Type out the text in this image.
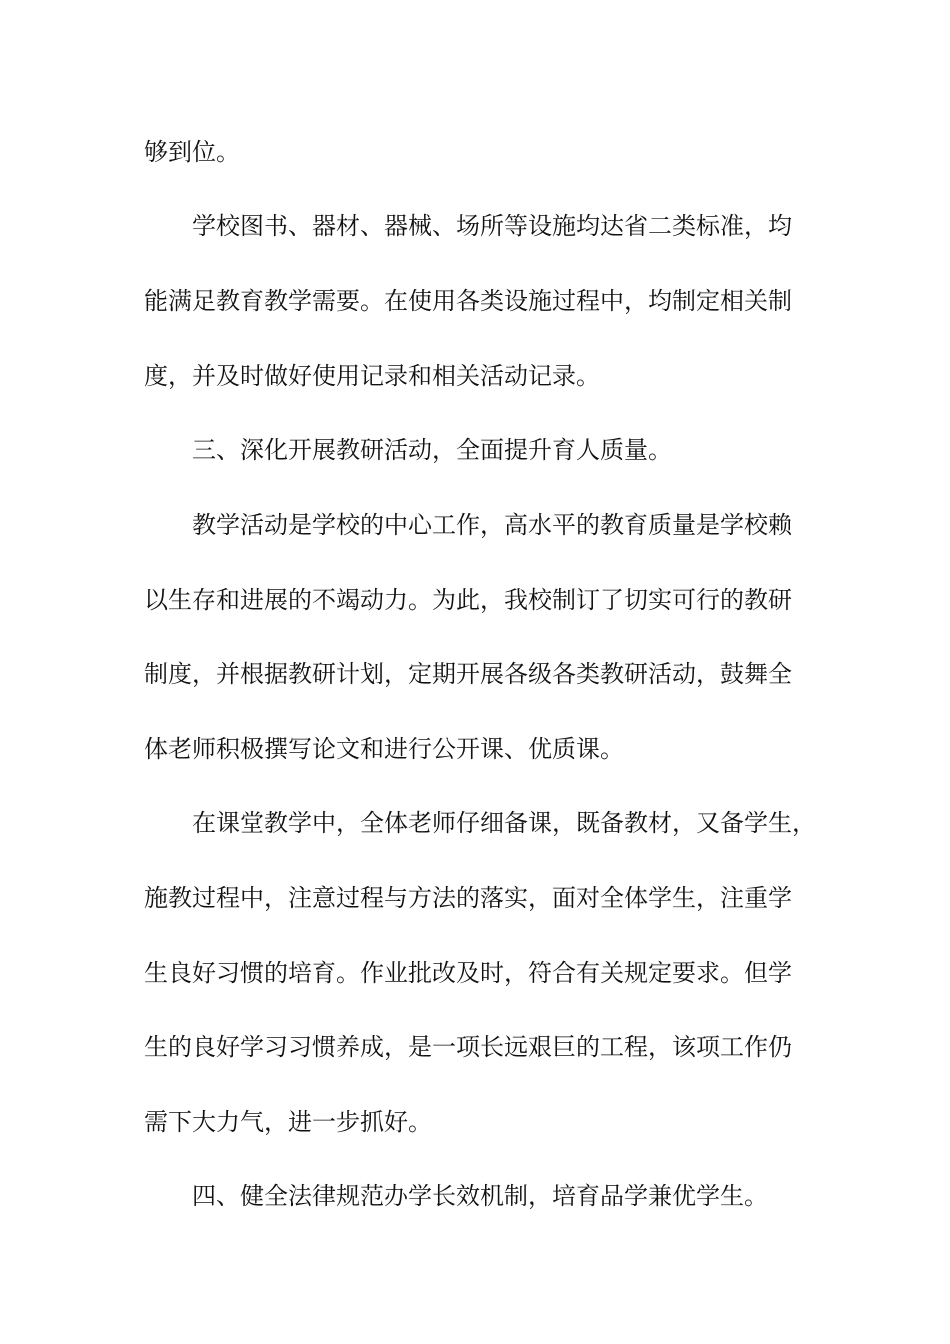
够到位。
学校图书、器材、器械、场所等设施均达省二类标准，均
能满足教育教学需要。在使用各类设施过程中，均制定相关制
度，并及时做好使用记录和相关活动记录。
三、深化开展教研活动，全面提升育人质量。
教学活动是学校的中心工作，高水平的教育质量是学校赖
以生存和进展的不竭动力。为此，我校制订了切实可行的教研
制度，并根据教研计划，定期开展各级各类教研活动，鼓舞全
体老师积极撰写论文和进行公开课、优质课。
在课堂教学中，全体老师仔细备课，既备教材，又备学生，
施教过程中，注意过程与方法的落实，面对全体学生，注重学
生良好习惯的培育。作业批改及时，符合有关规定要求。但学
生的良好学习习惯养成，是一项长远艰巨的工程，该项工作仍
需下大力气，进一步抓好。
四、健全法律规范办学长效机制，培育品学兼优学生。
